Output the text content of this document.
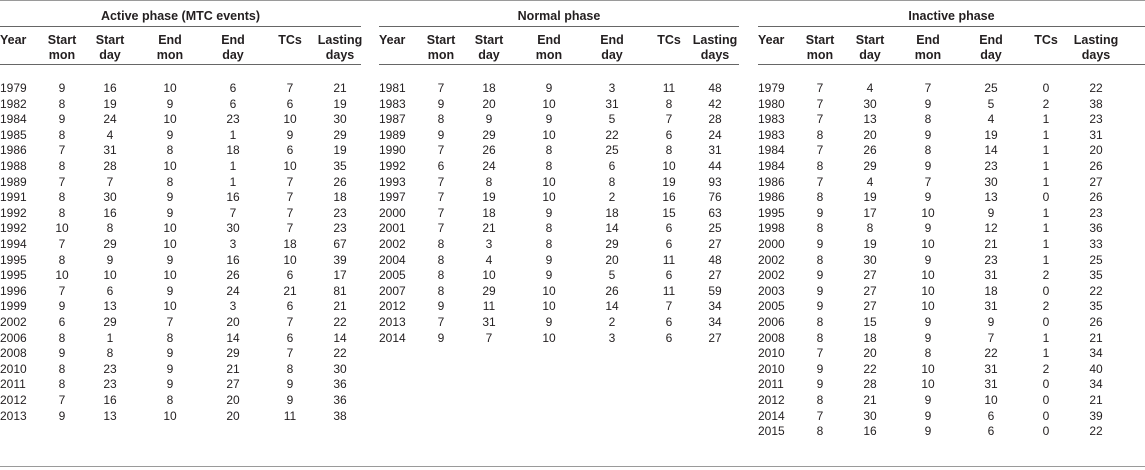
Active phase (MTC events)
Year	Start
mon
Start
day
End
mon
End
day
TCs	Lasting
days
1979	9	16	10	6	7	21
1982	8	19	9	6	6	19
1984	9	24	10	23	10	30
1985	8	4	9	1	9	29
1986	7	31	8	18	6	19
1988	8	28	10	1	10	35
1989	7	7	8	1	7	26
1991	8	30	9	16	7	18
1992	8	16	9	7	7	23
1992	10	8	10	30	7	23
1994	7	29	10	3	18	67
1995	8	9	9	16	10	39
1995	10	10	10	26	6	17
1996	7	6	9	24	21	81
1999	9	13	10	3	6	21
2002	6	29	7	20	7	22
2006	8	1	8	14	6	14
2008	9	8	9	29	7	22
2010	8	23	9	21	8	30
2011	8	23	9	27	9	36
2012	7	16	8	20	9	36
2013	9	13	10	20	11	38
Normal phase
Year	Start
mon
Start
day
End
mon
End
day
TCs Lasting
days
1981	7	18	9	3	11	48
1983	9	20	10	31	8	42
1987	8	9	9	5	7	28
1989	9	29	10	22	6	24
1990	7	26	8	25	8	31
1992	6	24	8	6	10	44
1993	7	8	10	8	19	93
1997	7	19	10	2	16	76
2000	7	18	9	18	15	63
2001	7	21	8	14	6	25
2002	8	3	8	29	6	27
2004	8	4	9	20	11	48
2005	8	10	9	5	6	27
2007	8	29	10	26	11	59
2012	9	11	10	14	7	34
2013	7	31	9	2	6	34
2014	9	7	10	3	6	27
Inactive phase
Year	Start
mon
Start
day
End
mon
End
day
TCs	Lasting
days
1979	7	4	7	25	0	22
1980	7	30	9	5	2	38
1983	7	13	8	4	1	23
1983	8	20	9	19	1	31
1984	7	26	8	14	1	20
1984	8	29	9	23	1	26
1986	7	4	7	30	1	27
1986	8	19	9	13	0	26
1995	9	17	10	9	1	23
1998	8	8	9	12	1	36
2000	9	19	10	21	1	33
2002	8	30	9	23	1	25
2002	9	27	10	31	2	35
2003	9	27	10	18	0	22
2005	9	27	10	31	2	35
2006	8	15	9	9	0	26
2008	8	18	9	7	1	21
2010	7	20	8	22	1	34
2010	9	22	10	31	2	40
2011	9	28	10	31	0	34
2012	8	21	9	10	0	21
2014	7	30	9	6	0	39
2015	8	16	9	6	0	22
